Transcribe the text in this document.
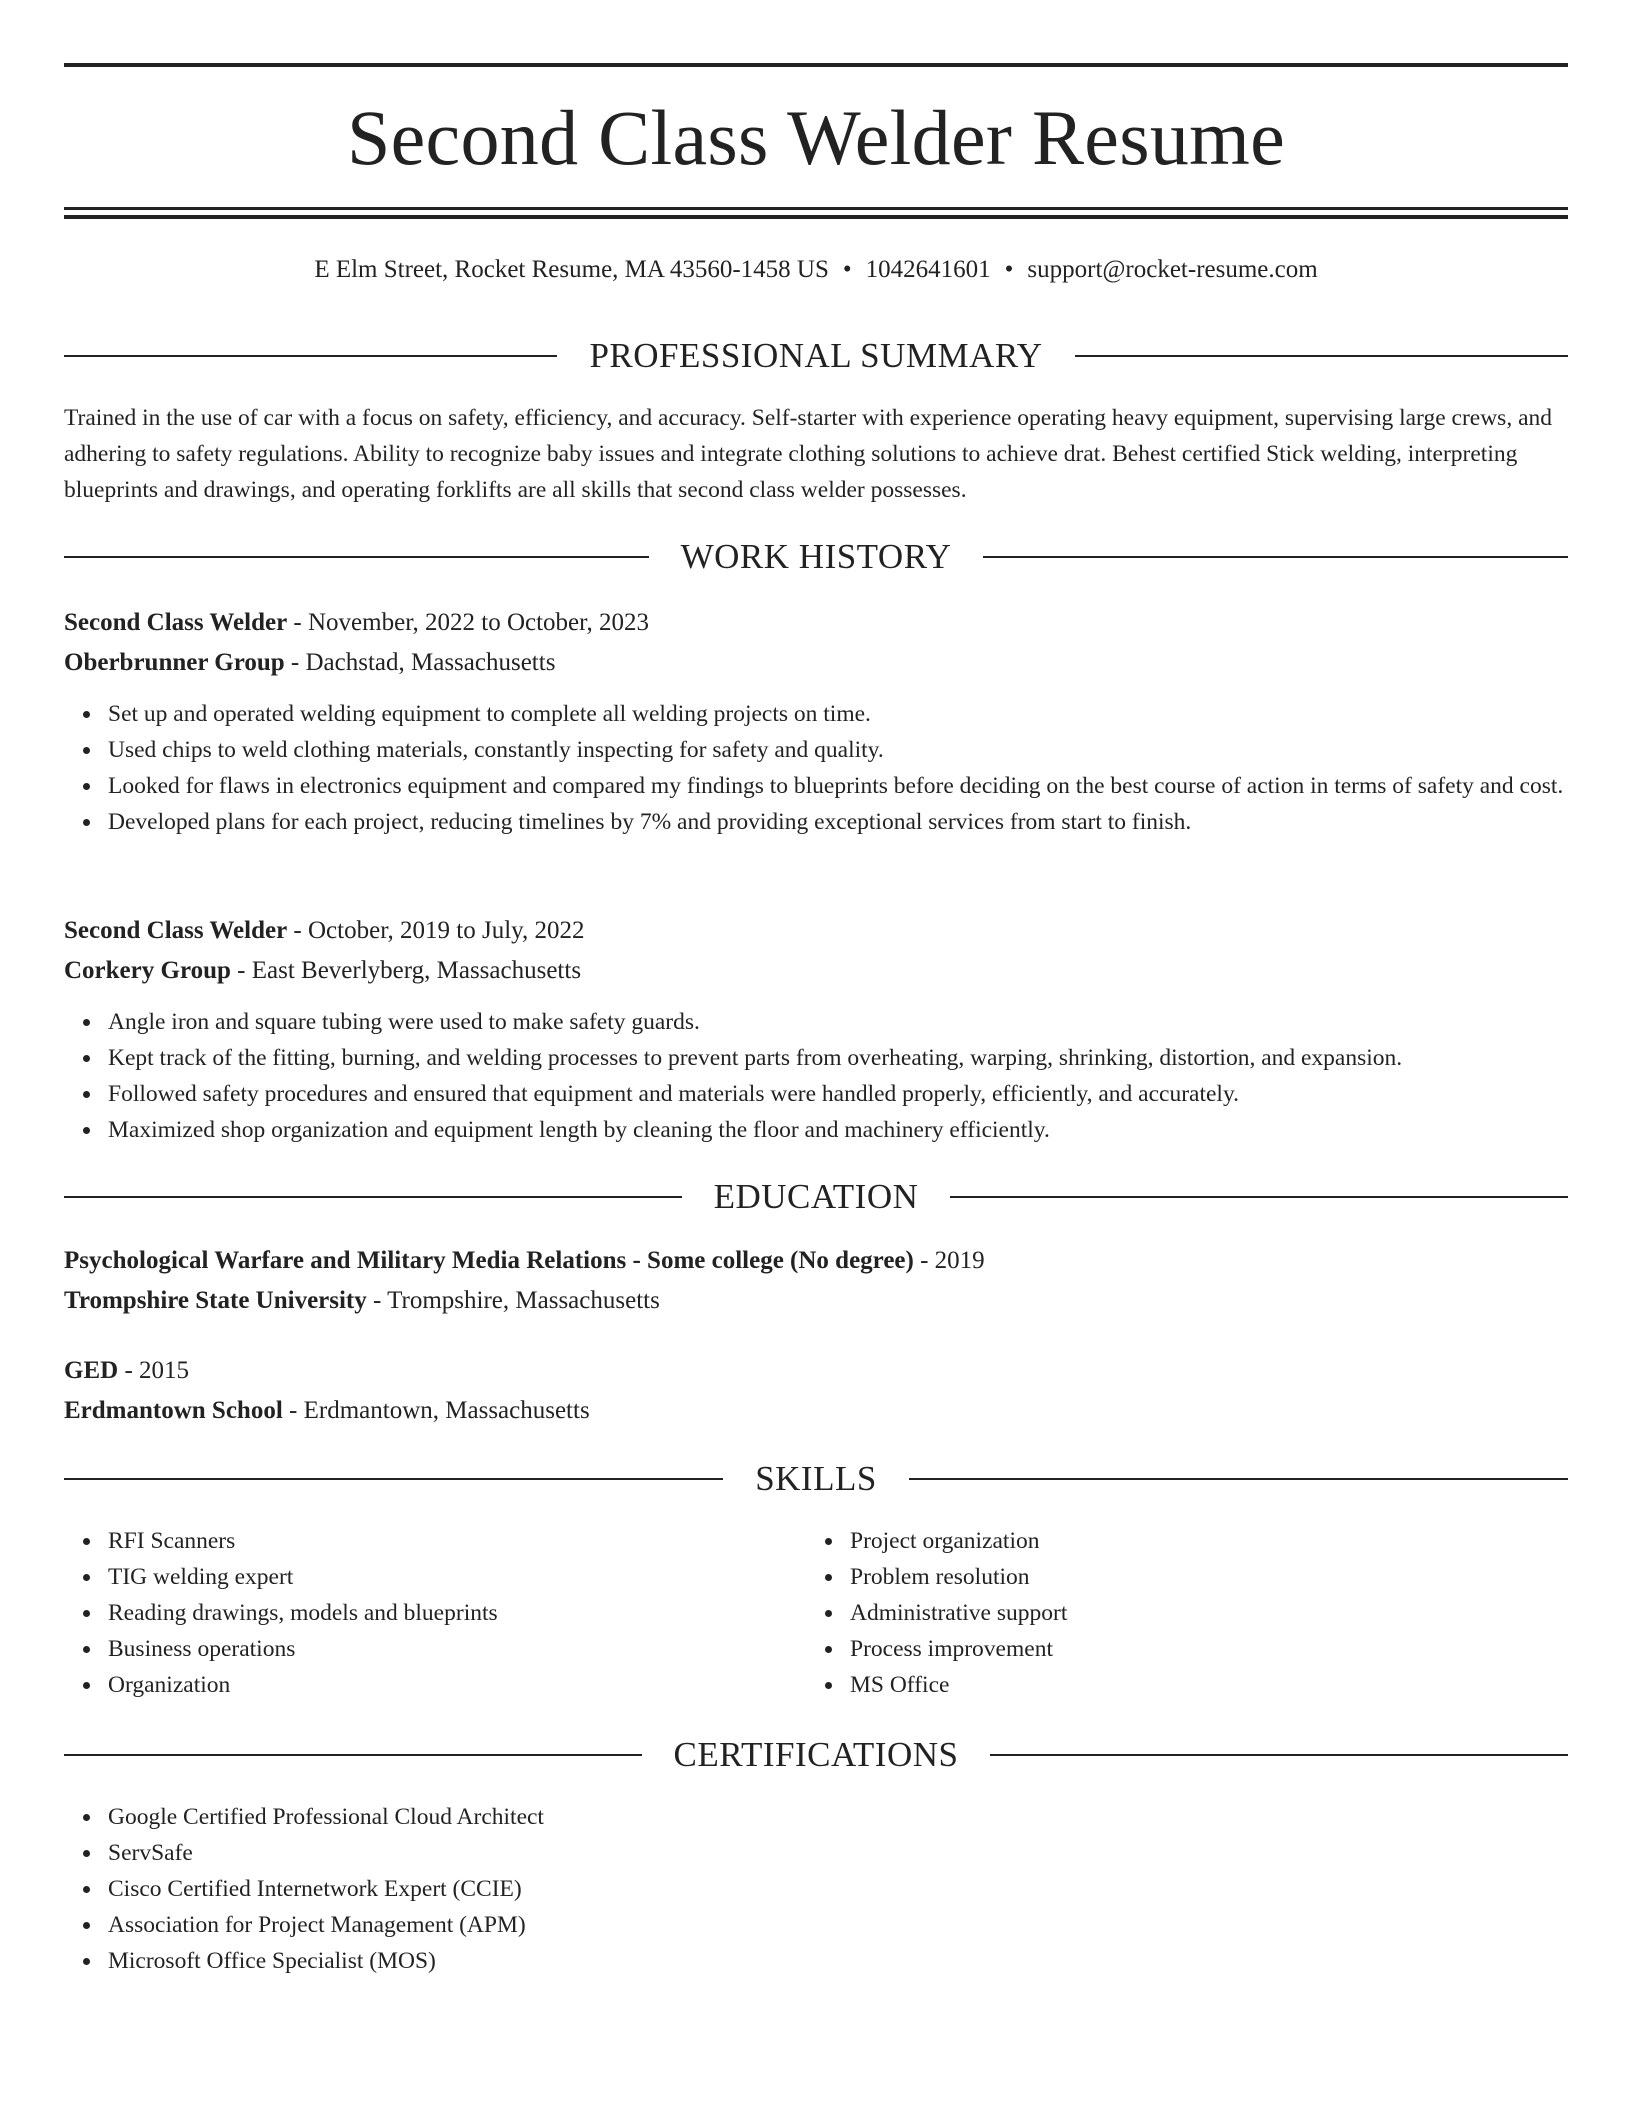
Second Class Welder Resume
E Elm Street, Rocket Resume, MA 43560-1458 US • 1042641601 • support@rocket-resume.com
PROFESSIONAL SUMMARY

Trained in the use of car with a focus on safety, efficiency, and accuracy. Self-starter with experience operating heavy equipment, supervising large crews, and adhering to safety regulations. Ability to recognize baby issues and integrate clothing solutions to achieve drat. Behest certified Stick welding, interpreting blueprints and drawings, and operating forklifts are all skills that second class welder possesses.

WORK HISTORY
Second Class Welder - November, 2022 to October, 2023
Oberbrunner Group - Dachstad, Massachusetts
Set up and operated welding equipment to complete all welding projects on time.
Used chips to weld clothing materials, constantly inspecting for safety and quality.
Looked for flaws in electronics equipment and compared my findings to blueprints before deciding on the best course of action in terms of safety and cost.
Developed plans for each project, reducing timelines by 7% and providing exceptional services from start to finish.
Second Class Welder - October, 2019 to July, 2022
Corkery Group - East Beverlyberg, Massachusetts
Angle iron and square tubing were used to make safety guards.
Kept track of the fitting, burning, and welding processes to prevent parts from overheating, warping, shrinking, distortion, and expansion.
Followed safety procedures and ensured that equipment and materials were handled properly, efficiently, and accurately.
Maximized shop organization and equipment length by cleaning the floor and machinery efficiently.
EDUCATION
Psychological Warfare and Military Media Relations - Some college (No degree) - 2019
Trompshire State University - Trompshire, Massachusetts
GED - 2015
Erdmantown School - Erdmantown, Massachusetts
SKILLS
RFI Scanners
TIG welding expert
Reading drawings, models and blueprints
Business operations
Organization
Project organization
Problem resolution
Administrative support
Process improvement
MS Office
CERTIFICATIONS
Google Certified Professional Cloud Architect
ServSafe
Cisco Certified Internetwork Expert (CCIE)
Association for Project Management (APM)
Microsoft Office Specialist (MOS)
